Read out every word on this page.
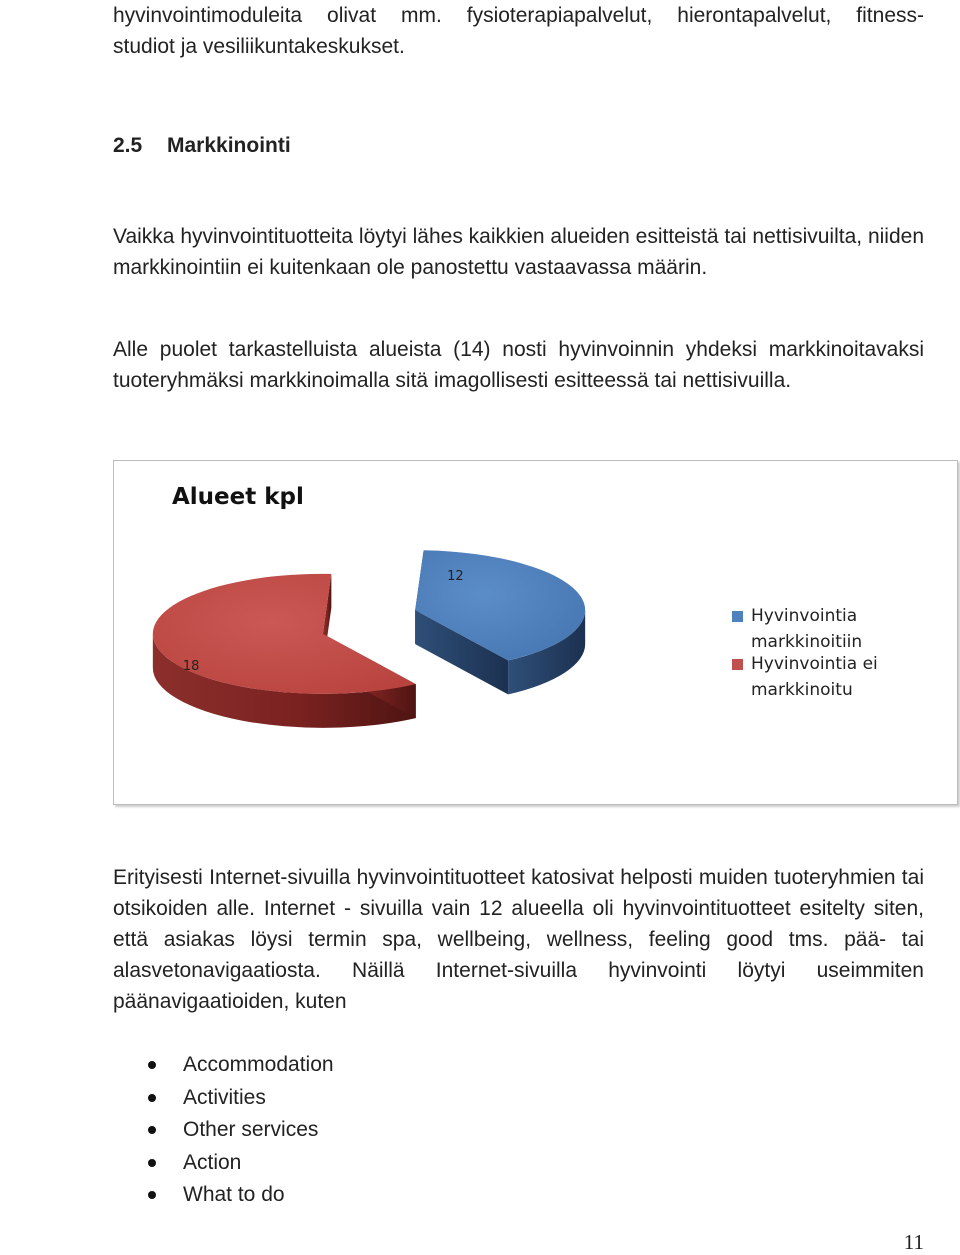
hyvinvointimoduleita olivat mm. fysioterapiapalvelut, hierontapalvelut, fitness-
studiot ja vesiliikuntakeskukset.

2.5 Markkinointi

Vaikka hyvinvointituotteita löytyi lähes kaikkien alueiden esitteistä tai nettisivuilta, niiden markkinointiin ei kuitenkaan ole panostettu vastaavassa määrin.

Alle puolet tarkastelluista alueista (14) nosti hyvinvoinnin yhdeksi markkinoitavaksi tuoteryhmäksi markkinoimalla sitä imagollisesti esitteessä tai nettisivuilla.

Alueet kpl
12
18
Hyvinvointia
markkinoitiin
Hyvinvointia ei
markkinoitu

Erityisesti Internet-sivuilla hyvinvointituotteet katosivat helposti muiden tuoteryhmien tai otsikoiden alle. Internet - sivuilla vain 12 alueella oli hyvinvointituotteet esitelty siten, että asiakas löysi termin spa, wellbeing, wellness, feeling good tms. pää- tai alasvetonavigaatiosta. Näillä Internet-sivuilla hyvinvointi löytyi useimmiten päänavigaatioiden, kuten

Accommodation
Activities
Other services
Action
What to do
11
